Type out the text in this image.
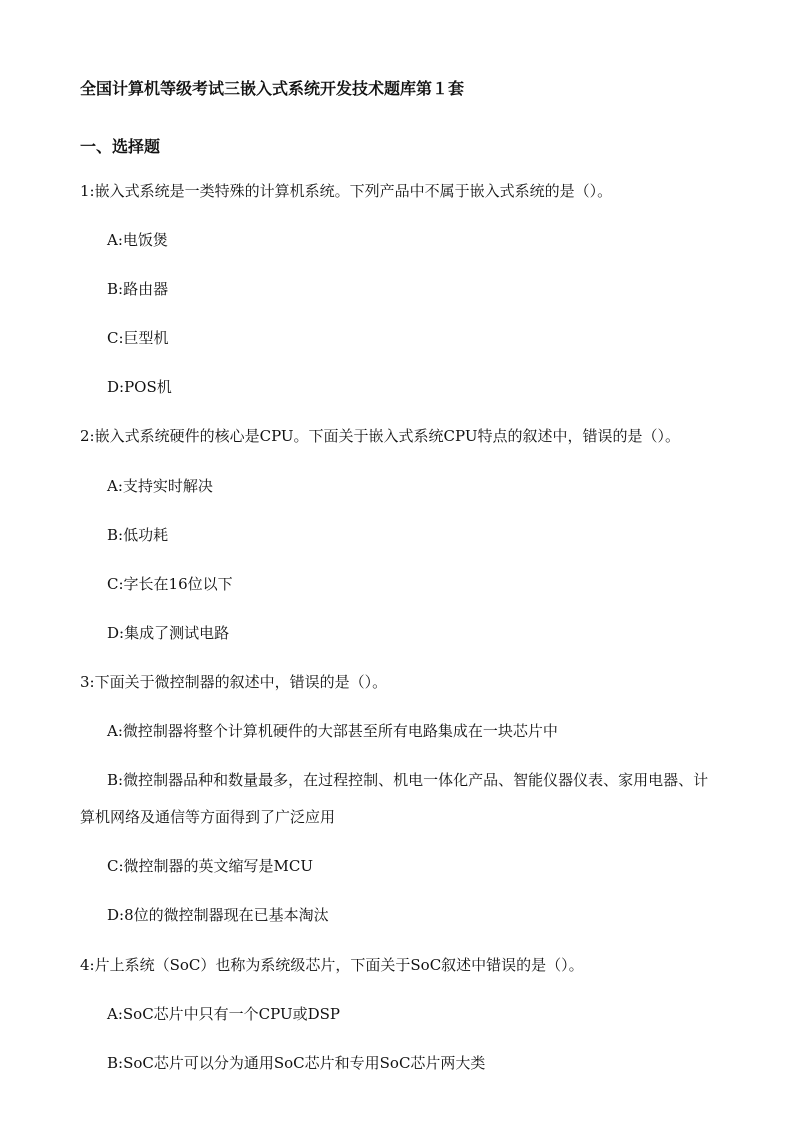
全国计算机等级考试三嵌入式系统开发技术题库第１套
一、选择题
1:嵌入式系统是一类特殊的计算机系统。下列产品中不属于嵌入式系统的是（）。
A:电饭煲
B:路由器
C:巨型机
D:POS机
2:嵌入式系统硬件的核心是CPU。下面关于嵌入式系统CPU特点的叙述中，错误的是（）。
A:支持实时解决
B:低功耗
C:字长在16位以下
D:集成了测试电路
3:下面关于微控制器的叙述中，错误的是（）。
A:微控制器将整个计算机硬件的大部甚至所有电路集成在一块芯片中
B:微控制器品种和数量最多，在过程控制、机电一体化产品、智能仪器仪表、家用电器、计
算机网络及通信等方面得到了广泛应用
C:微控制器的英文缩写是MCU
D:8位的微控制器现在已基本淘汰
4:片上系统（SoC）也称为系统级芯片，下面关于SoC叙述中错误的是（）。
A:SoC芯片中只有一个CPU或DSP
B:SoC芯片可以分为通用SoC芯片和专用SoC芯片两大类
